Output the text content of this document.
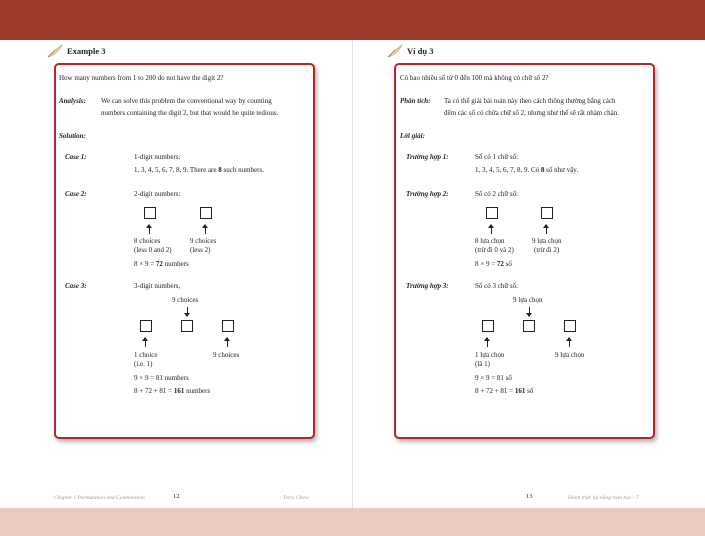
Example 3
How many numbers from 1 to 200 do not have the digit 2?
Analysis: We can solve this problem the conventional way by counting
numbers containing the digit 2, but that would be quite tedious.
Solution:
Case 1:	1-digit numbers:
1, 3, 4, 5, 6, 7, 8, 9. There are 8 such numbers.
Case 2:	2-digit numbers:
8 choices
(less 0 and 2)
9 choices
(less 2)
8 × 9 = 72 numbers
Case 3:	3-digit numbers,
9 choices
1 choice
(i.e. 1)
9 choices
9 × 9 = 81 numbers
8 + 72 + 81 = 161 numbers
Chapter 1 Permutation and Combination	12	Terry Chew
Ví dụ 3
Có bao nhiêu số từ 0 đến 100 mà không có chữ số 2?
Phân tích: Ta có thể giải bài toán này theo cách thông thường bằng cách
đếm các số có chứa chữ số 2, nhưng như thế sẽ rất nhàm chán.
Lời giải:
Trường hợp 1:	Số có 1 chữ số:
1, 3, 4, 5, 6, 7, 8, 9. Có 8 số như vậy.
Trường hợp 2:	Số có 2 chữ số:
8 lựa chọn
(trừ đi 0 và 2)
9 lựa chọn
(trừ đi 2)
8 × 9 = 72 số
Trường hợp 3:	Số có 3 chữ số:
9 lựa chọn
1 lựa chọn
(là 1)
9 lựa chọn
9 × 9 = 81 số
8 + 72 + 81 = 161 số
13	Đánh thức tài năng toán học - 7
